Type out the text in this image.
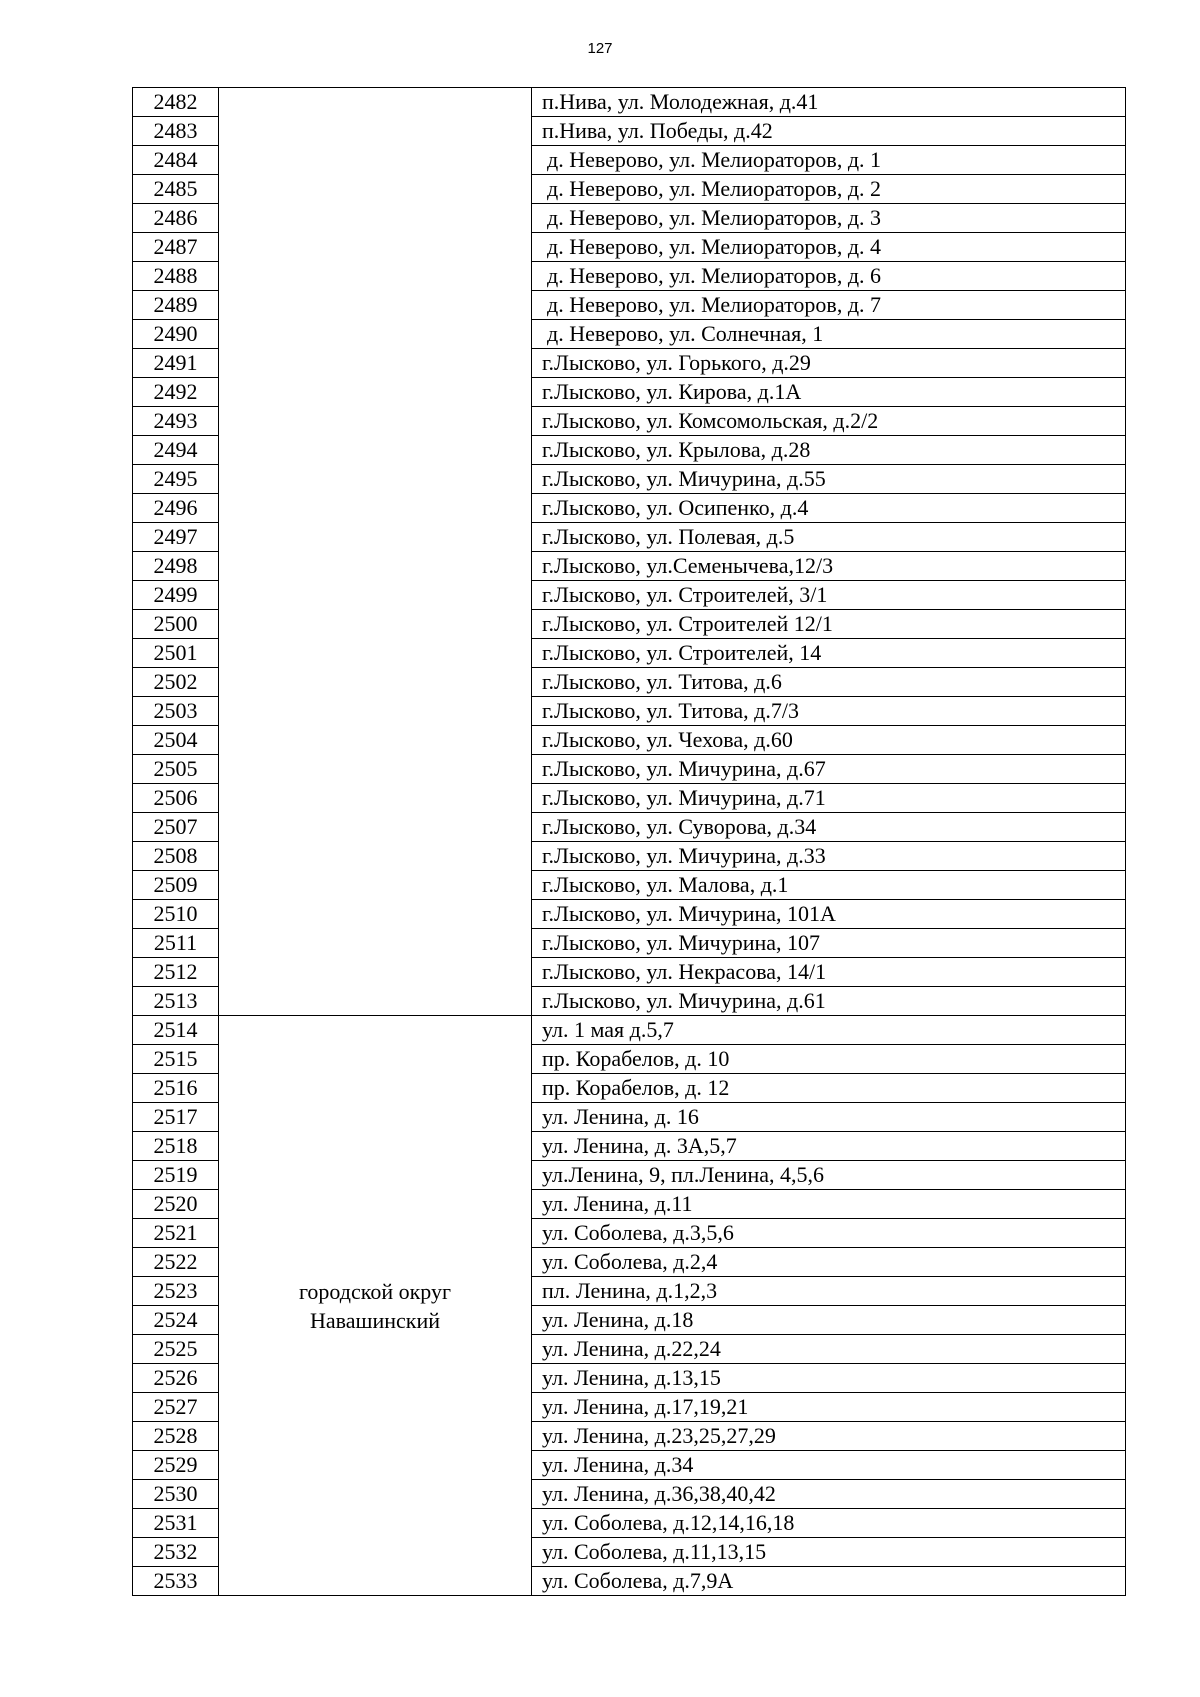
127
2482		п.Нива, ул. Молодежная, д.41
2483		п.Нива, ул. Победы, д.42
2484		д. Неверово, ул. Мелиораторов, д. 1
2485		д. Неверово, ул. Мелиораторов, д. 2
2486		д. Неверово, ул. Мелиораторов, д. 3
2487		д. Неверово, ул. Мелиораторов, д. 4
2488		д. Неверово, ул. Мелиораторов, д. 6
2489		д. Неверово, ул. Мелиораторов, д. 7
2490		д. Неверово, ул. Солнечная, 1
2491		г.Лысково, ул. Горького, д.29
2492		г.Лысково, ул. Кирова, д.1А
2493		г.Лысково, ул. Комсомольская, д.2/2
2494		г.Лысково, ул. Крылова, д.28
2495		г.Лысково, ул. Мичурина, д.55
2496		г.Лысково, ул. Осипенко, д.4
2497		г.Лысково, ул. Полевая, д.5
2498		г.Лысково, ул.Семенычева,12/3
2499		г.Лысково, ул. Строителей, 3/1
2500		г.Лысково, ул. Строителей 12/1
2501		г.Лысково, ул. Строителей, 14
2502		г.Лысково, ул. Титова, д.6
2503		г.Лысково, ул. Титова, д.7/3
2504		г.Лысково, ул. Чехова, д.60
2505		г.Лысково, ул. Мичурина, д.67
2506		г.Лысково, ул. Мичурина, д.71
2507		г.Лысково, ул. Суворова, д.34
2508		г.Лысково, ул. Мичурина, д.33
2509		г.Лысково, ул. Малова, д.1
2510		г.Лысково, ул. Мичурина, 101А
2511		г.Лысково, ул. Мичурина, 107
2512		г.Лысково, ул. Некрасова, 14/1
2513		г.Лысково, ул. Мичурина, д.61
2514	городской округ
Навашинский	ул. 1 мая д.5,7
2515		пр. Корабелов, д. 10
2516		пр. Корабелов, д. 12
2517		ул. Ленина, д. 16
2518		ул. Ленина, д. 3А,5,7
2519		ул.Ленина, 9, пл.Ленина, 4,5,6
2520		ул. Ленина, д.11
2521		ул. Соболева, д.3,5,6
2522		ул. Соболева, д.2,4
2523		пл. Ленина, д.1,2,3
2524		ул. Ленина, д.18
2525		ул. Ленина, д.22,24
2526		ул. Ленина, д.13,15
2527		ул. Ленина, д.17,19,21
2528		ул. Ленина, д.23,25,27,29
2529		ул. Ленина, д.34
2530		ул. Ленина, д.36,38,40,42
2531		ул. Соболева, д.12,14,16,18
2532		ул. Соболева, д.11,13,15
2533		ул. Соболева, д.7,9А
